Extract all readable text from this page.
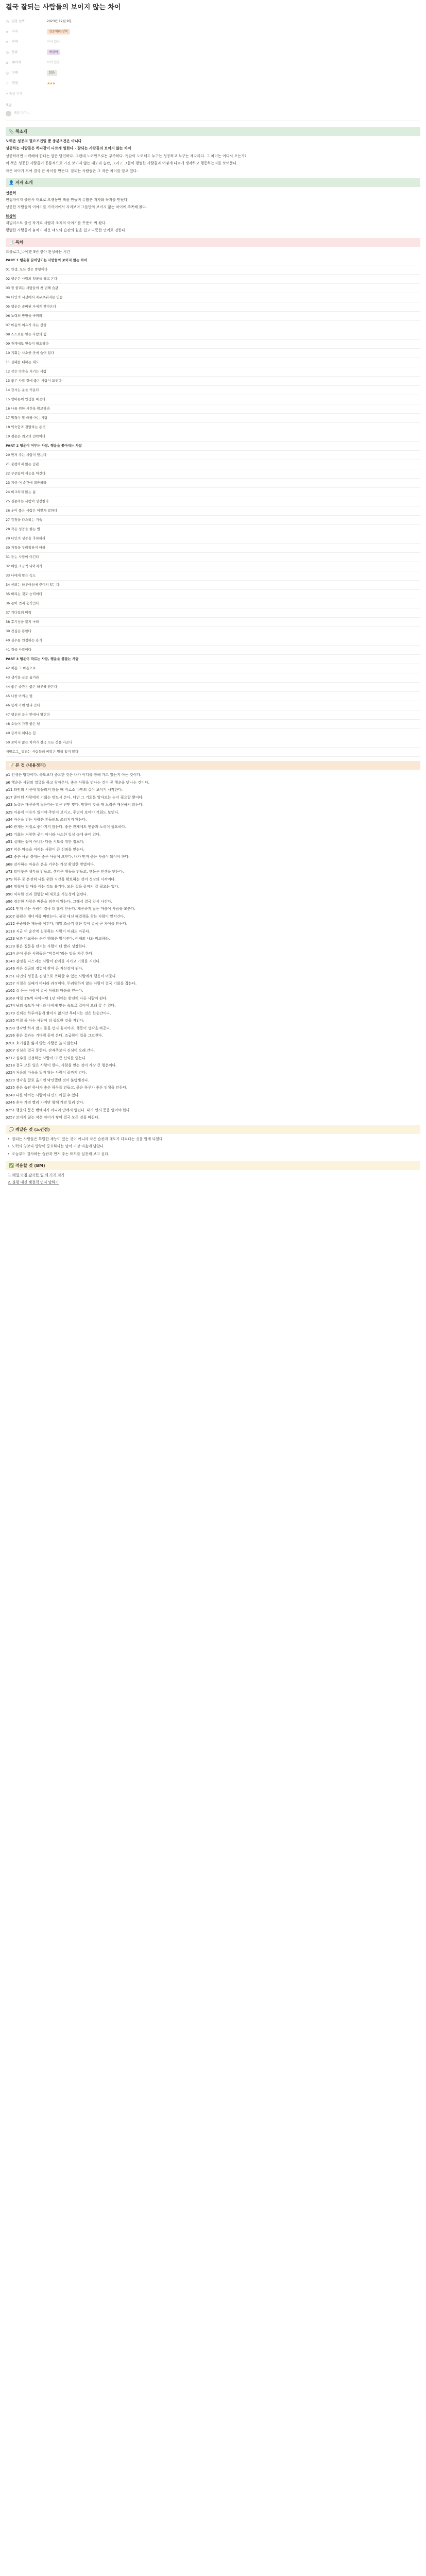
결국 잘되는 사람들의 보이지 않는 차이
◷ 읽음 날짜	2023년 12월 9일
≡	저자	연준혁/한상복
≡	번역	비어 있음
◎ 분류	에세이
#	페이지	비어 있음
◎ 상태	읽음
☆ 평점	★★★
+ 속성 추가
댓글
댓글 추가...
📎 책소개
노력은 성공의 필요조건일 뿐 충분조건은 아니다
성공하는 사람들은 하나같이 다르게 일한다 - 잘되는 사람들의 보이지 않는 차이
성공하려면 노력해야 한다는 말은 당연하다. 그런데 노력만으로는 부족하다. 똑같이 노력해도 누구는 성공하고 누구는 제자리다. 그 차이는 어디서 오는가?
이 책은 성공한 사람들이 공통적으로 가진 보이지 않는 태도와 습관, 그리고 그들이 평범한 사람들과 어떻게 다르게 생각하고 행동하는지를 보여준다.
작은 차이가 모여 결국 큰 차이를 만든다. 잘되는 사람들은 그 작은 차이를 알고 있다.
👤 저자 소개
연준혁
편집자이자 출판사 대표로 오랫동안 책을 만들며 수많은 저자와 독자를 만났다.
성공한 사람들의 이야기를 가까이에서 지켜보며 그들만의 보이지 않는 차이에 주목해 왔다.
한상복
저널리스트 출신 작가로 사람과 조직의 이야기를 꾸준히 써 왔다.
평범한 사람들이 놓치기 쉬운 태도와 습관의 힘을 쉽고 따뜻한 언어로 전한다.
📑 목차
프롤로그_나에겐 3번 쌓아 완성하는 시간
PART 1 행운을 끌어당기는 사람들의 보이지 않는 차이
01 인생, 모든 것은 방향이다
02 행운은 사람의 얼굴을 하고 온다
03 잘 풀리는 사람들의 첫 번째 습관
04 타인의 시선에서 자유로워지는 연습
05 행운은 준비된 자에게 찾아온다
06 노력의 방향을 바꿔라
07 마음의 여유가 주는 선물
08 스스로를 믿는 사람의 힘
09 관계에도 연습이 필요하다
10 기회는 사소한 곳에 숨어 있다
11 실패를 대하는 태도
12 작은 약속을 지키는 사람
13 좋은 사람 곁에 좋은 사람이 모인다
14 감사는 운을 키운다
15 말버릇이 인생을 바꾼다
16 나를 위한 시간을 확보하라
17 멈춰야 할 때를 아는 사람
18 익숙함과 결별하는 용기
19 겸손은 최고의 전략이다
PART 2 행운이 머무는 사람, 행운을 쫓아내는 사람
20 먼저 주는 사람이 얻는다
21 불평하지 않는 습관
22 꾸준함이 재능을 이긴다
23 지금 이 순간에 집중하라
24 비교하지 않는 삶
25 질문하는 사람이 성장한다
26 운이 좋은 사람은 이렇게 말한다
27 감정을 다스리는 기술
28 작은 성공을 쌓는 법
29 타인의 성공을 축하하라
30 거절을 두려워하지 마라
31 듣는 사람이 이긴다
32 매일 조금씩 나아지기
33 나에게 맞는 속도
34 신뢰는 하루아침에 쌓이지 않는다
35 버리는 것도 능력이다
36 몸이 먼저 움직인다
37 기다림의 미학
38 호기심을 잃지 마라
39 진심은 통한다
40 실수를 인정하는 용기
41 결국 사람이다
PART 3 행운이 따르는 사람, 행운을 붙잡는 사람
42 처음 그 마음으로
43 생각을 글로 옮겨라
44 좋은 습관은 좋은 하루를 만든다
45 나를 아끼는 법
46 함께 가면 멀리 간다
47 행운의 문은 안에서 열린다
48 오늘이 가장 좋은 날
49 끝까지 해내는 힘
50 보이지 않는 차이가 결국 모든 것을 바꾼다
에필로그_ 잘되는 사람들의 비밀은 멀리 있지 않다
📝 본 것 (내용정리)
p1 인생은 방향이다. 속도보다 중요한 것은 내가 어디를 향해 가고 있는지 아는 것이다.
p6 행운은 사람의 얼굴을 하고 찾아온다. 좋은 사람을 만나는 것이 곧 행운을 만나는 것이다.
p11 타인의 시선에 휘둘리지 않을 때 비로소 나만의 길이 보이기 시작한다.
p17 준비된 사람에게 기회는 반드시 온다. 다만 그 기회를 알아보는 눈이 필요할 뿐이다.
p23 노력은 배신하지 않는다는 말은 반만 맞다. 방향이 맞을 때 노력은 배신하지 않는다.
p29 마음에 여유가 있어야 주변이 보이고, 주변이 보여야 기회도 보인다.
p34 자신을 믿는 사람은 흔들려도 쓰러지지 않는다.
p40 관계는 저절로 좋아지지 않는다. 좋은 관계에도 연습과 노력이 필요하다.
p45 기회는 거창한 곳이 아니라 사소한 일상 속에 숨어 있다.
p51 실패는 끝이 아니라 다음 시도를 위한 정보다.
p57 작은 약속을 지키는 사람이 큰 신뢰를 얻는다.
p62 좋은 사람 곁에는 좋은 사람이 모인다. 내가 먼저 좋은 사람이 되어야 한다.
p68 감사하는 마음은 운을 키우는 가장 확실한 방법이다.
p73 말버릇은 생각을 만들고, 생각은 행동을 만들고, 행동은 인생을 만든다.
p79 하루 중 온전히 나를 위한 시간을 확보하는 것이 성장의 시작이다.
p84 멈춰야 할 때를 아는 것도 용기다. 모든 길을 끝까지 갈 필요는 없다.
p90 익숙한 것과 결별할 때 새로운 가능성이 열린다.
p96 겸손한 사람은 배움을 멈추지 않는다. 그래서 결국 앞서 나간다.
p101 먼저 주는 사람이 결국 더 많이 얻는다. 계산하지 않는 마음이 사람을 모은다.
p107 불평은 에너지를 빼앗는다. 불평 대신 해결책을 찾는 사람이 앞서간다.
p112 꾸준함은 재능을 이긴다. 매일 조금씩 쌓은 것이 결국 큰 차이를 만든다.
p118 지금 이 순간에 집중하는 사람이 미래도 바꾼다.
p123 남과 비교하는 순간 행복은 멀어진다. 어제의 나와 비교하라.
p129 좋은 질문을 던지는 사람이 더 빨리 성장한다.
p134 운이 좋은 사람들은 "덕분에"라는 말을 자주 한다.
p140 감정을 다스리는 사람이 관계를 지키고 기회를 지킨다.
p146 작은 성공의 경험이 쌓여 큰 자신감이 된다.
p151 타인의 성공을 진심으로 축하할 수 있는 사람에게 행운이 머문다.
p157 거절은 실패가 아니라 과정이다. 두려워하지 않는 사람이 결국 기회를 잡는다.
p162 잘 듣는 사람이 결국 사람의 마음을 얻는다.
p168 매일 1%씩 나아지면 1년 뒤에는 완전히 다른 사람이 된다.
p174 남의 속도가 아니라 나에게 맞는 속도로 걸어야 오래 갈 수 있다.
p179 신뢰는 하루아침에 쌓이지 않지만 무너지는 것은 한순간이다.
p185 버릴 줄 아는 사람이 더 중요한 것을 지킨다.
p190 생각만 하지 말고 몸을 먼저 움직여라. 행동이 생각을 바꾼다.
p196 좋은 결과는 기다림 끝에 온다. 조급함이 일을 그르친다.
p201 호기심을 잃지 않는 사람은 늙지 않는다.
p207 진심은 결국 통한다. 잔재주보다 진심이 오래 간다.
p212 실수를 인정하는 사람이 더 큰 신뢰를 얻는다.
p218 결국 모든 일은 사람이 한다. 사람을 얻는 것이 가장 큰 행운이다.
p224 처음의 마음을 잃지 않는 사람이 끝까지 간다.
p229 생각을 글로 옮기면 막연했던 것이 분명해진다.
p235 좋은 습관 하나가 좋은 하루를 만들고, 좋은 하루가 좋은 인생을 만든다.
p240 나를 아끼는 사람이 타인도 아낄 수 있다.
p246 혼자 가면 빨리 가지만 함께 가면 멀리 간다.
p251 행운의 문은 밖에서가 아니라 안에서 열린다. 내가 먼저 문을 열어야 한다.
p257 보이지 않는 작은 차이가 쌓여 결국 모든 것을 바꾼다.
💬 깨달은 것 (느낀점)
• 잘되는 사람들은 특별한 재능이 있는 것이 아니라 작은 습관과 태도가 다르다는 것을 알게 되었다.
• 노력의 양보다 방향이 중요하다는 말이 가장 마음에 남았다.
• 오늘부터 감사하는 습관과 먼저 주는 태도를 실천해 보고 싶다.
✅ 적용할 것 (BM)
1. 매일 아침 감사한 일 세 가지 적기
2. 불평 대신 해결책 먼저 말하기
